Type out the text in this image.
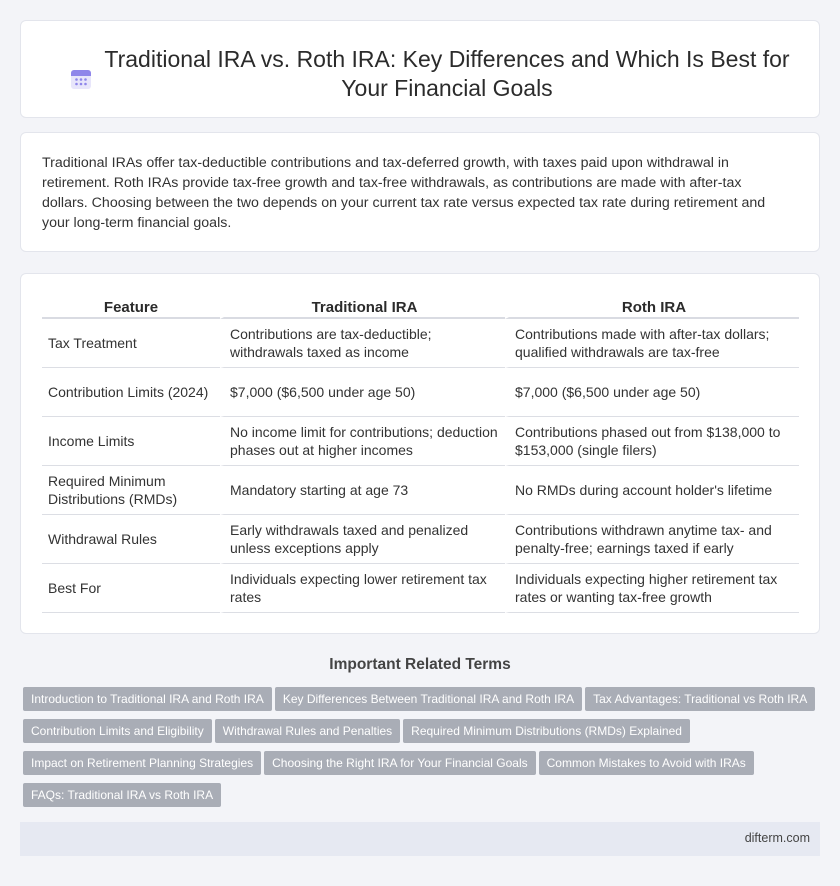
Traditional IRA vs. Roth IRA: Key Differences and Which Is Best for Your Financial Goals

Traditional IRAs offer tax-deductible contributions and tax-deferred growth, with taxes paid upon withdrawal in retirement. Roth IRAs provide tax-free growth and tax-free withdrawals, as contributions are made with after-tax dollars. Choosing between the two depends on your current tax rate versus expected tax rate during retirement and your long-term financial goals.

Feature	Traditional IRA	Roth IRA
Tax Treatment	Contributions are tax-deductible; withdrawals taxed as income	Contributions made with after-tax dollars; qualified withdrawals are tax-free
Contribution Limits (2024)	$7,000 ($6,500 under age 50)	$7,000 ($6,500 under age 50)
Income Limits	No income limit for contributions; deduction phases out at higher incomes	Contributions phased out from $138,000 to $153,000 (single filers)
Required Minimum Distributions (RMDs)	Mandatory starting at age 73	No RMDs during account holder's lifetime
Withdrawal Rules	Early withdrawals taxed and penalized unless exceptions apply	Contributions withdrawn anytime tax- and penalty-free; earnings taxed if early
Best For	Individuals expecting lower retirement tax rates	Individuals expecting higher retirement tax rates or wanting tax-free growth
Important Related Terms
Introduction to Traditional IRA and Roth IRA Key Differences Between Traditional IRA and Roth IRA Tax Advantages: Traditional vs Roth IRA
Contribution Limits and Eligibility Withdrawal Rules and Penalties Required Minimum Distributions (RMDs) Explained
Impact on Retirement Planning Strategies Choosing the Right IRA for Your Financial Goals Common Mistakes to Avoid with IRAs
FAQs: Traditional IRA vs Roth IRA
difterm.com
